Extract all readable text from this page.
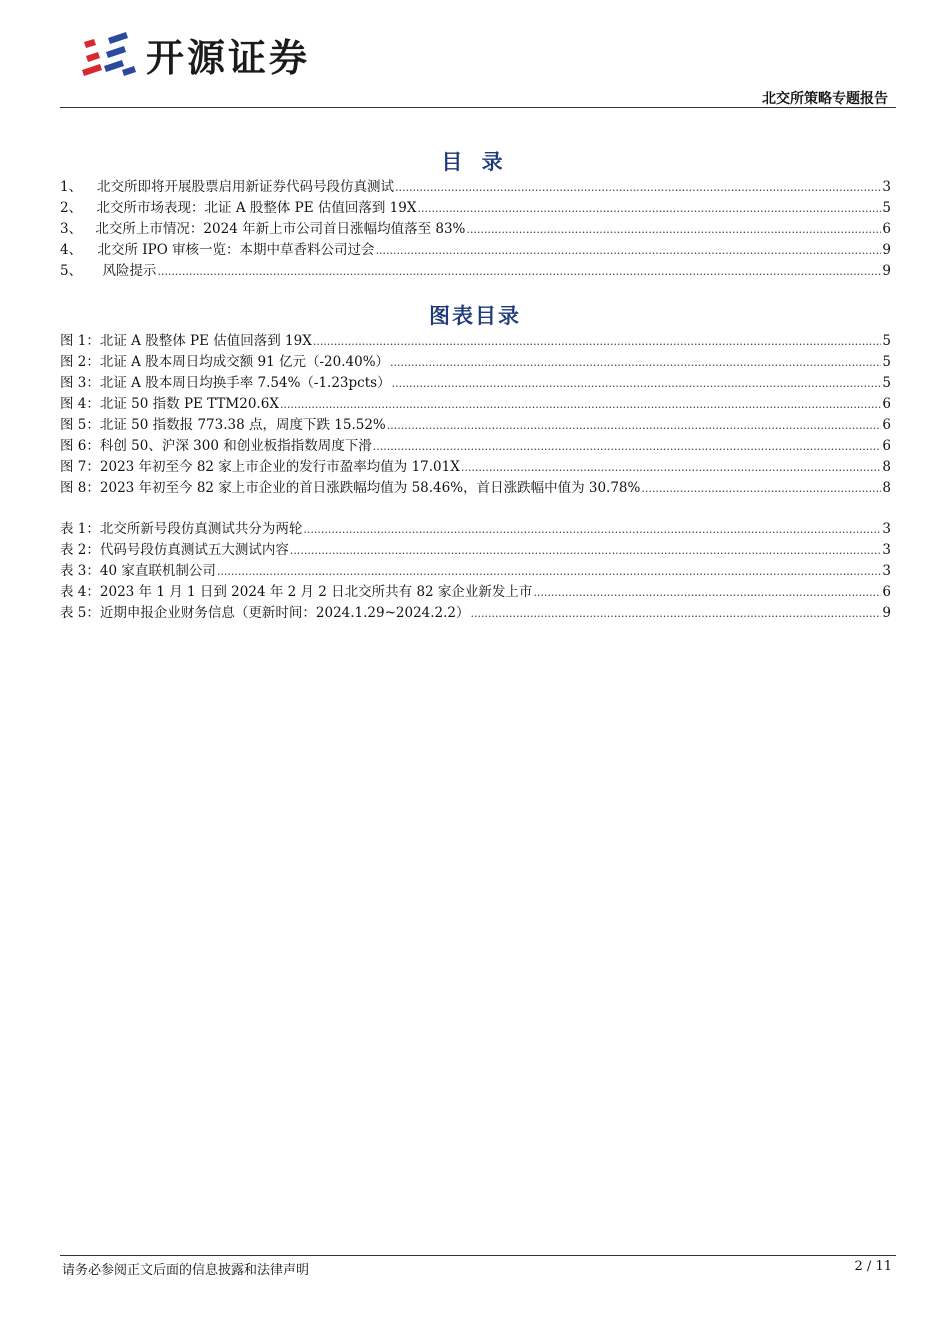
开源证券
北交所策略专题报告
目 录
1、 北交所即将开展股票启用新证券代码号段仿真测试 .....	3
2、 北交所市场表现：北证 A 股整体 PE 估值回落到 19X .....	5
3、 北交所上市情况：2024 年新上市公司首日涨幅均值落至 83% .....	6
4、 北交所 IPO 审核一览：本期中草香料公司过会 .....	9
5、 风险提示 .....	9
图表目录
图 1： 北证 A 股整体 PE 估值回落到 19X .....	5
图 2： 北证 A 股本周日均成交额 91 亿元（-20.40%） .....	5
图 3： 北证 A 股本周日均换手率 7.54%（-1.23pcts） .....	5
图 4： 北证 50 指数 PE TTM20.6X .....	6
图 5： 北证 50 指数报 773.38 点，周度下跌 15.52% .....	6
图 6： 科创 50、沪深 300 和创业板指指数周度下滑 .....	6
图 7： 2023 年初至今 82 家上市企业的发行市盈率均值为 17.01X .....	8
图 8： 2023 年初至今 82 家上市企业的首日涨跌幅均值为 58.46%，首日涨跌幅中值为 30.78% .....	8
表 1： 北交所新号段仿真测试共分为两轮 .....	3
表 2： 代码号段仿真测试五大测试内容 .....	3
表 3： 40 家直联机制公司 .....	3
表 4： 2023 年 1 月 1 日到 2024 年 2 月 2 日北交所共有 82 家企业新发上市 .....	6
表 5： 近期申报企业财务信息（更新时间：2024.1.29~2024.2.2） .....	9
请务必参阅正文后面的信息披露和法律声明	2 / 11
